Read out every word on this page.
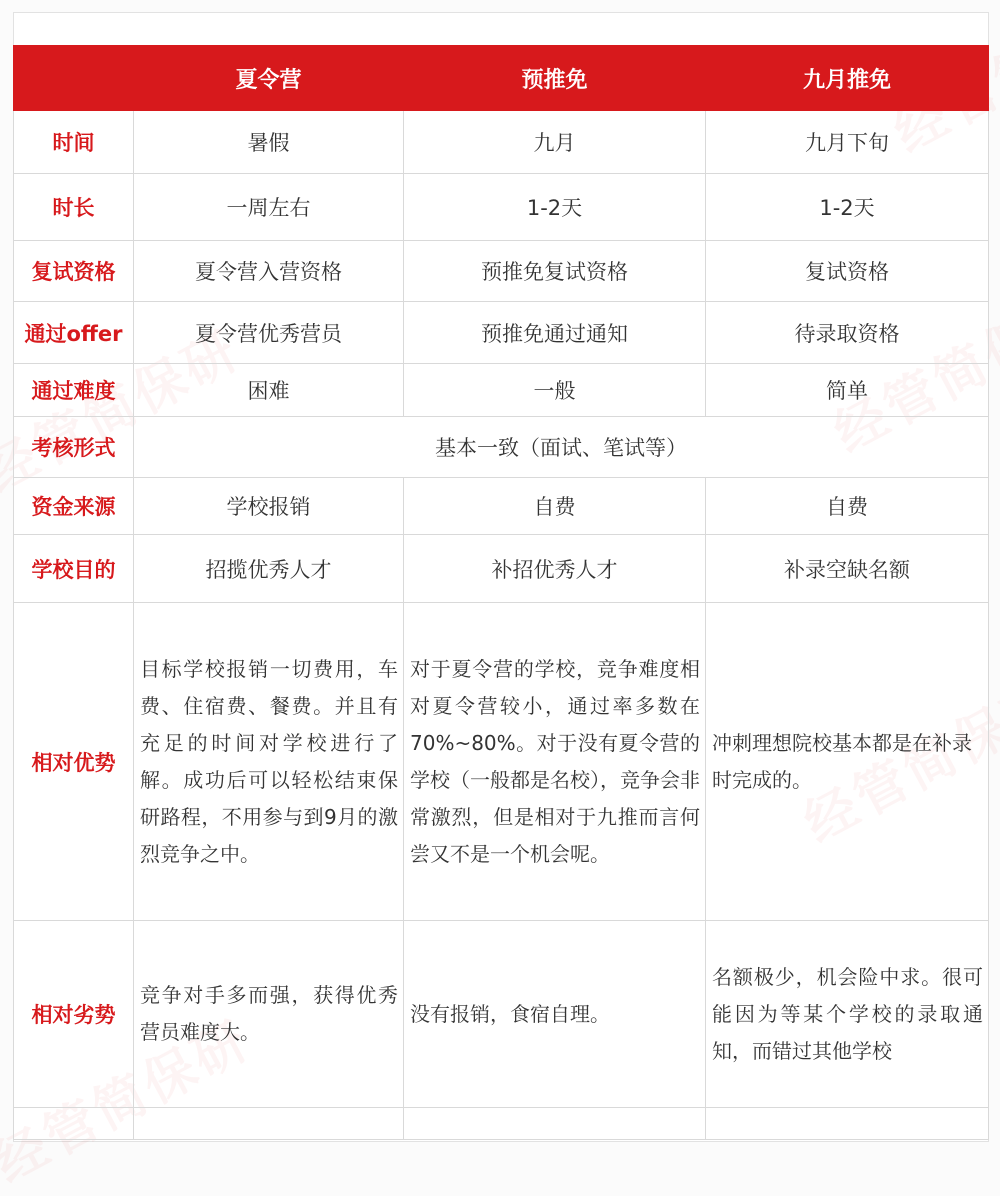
	夏令营	预推免	九月推免
时间	暑假	九月	九月下旬
时长	一周左右	1-2天	1-2天
复试资格	夏令营入营资格	预推免复试资格	复试资格
通过offer	夏令营优秀营员	预推免通过通知	待录取资格
通过难度	困难	一般	简单
考核形式	基本一致（面试、笔试等）		
资金来源	学校报销	自费	自费
学校目的	招揽优秀人才	补招优秀人才	补录空缺名额
相对优势	目标学校报销一切费用，车费、住宿费、餐费。并且有充足的时间对学校进行了解。成功后可以轻松结束保研路程，不用参与到9月的激烈竞争之中。	对于夏令营的学校，竞争难度相对夏令营较小，通过率多数在70%~80%。对于没有夏令营的学校（一般都是名校），竞争会非常激烈，但是相对于九推而言何尝又不是一个机会呢。	冲刺理想院校基本都是在补录时完成的。
相对劣势	竞争对手多而强，获得优秀营员难度大。	没有报销，食宿自理。	名额极少，机会险中求。很可能因为等某个学校的录取通知，而错过其他学校
